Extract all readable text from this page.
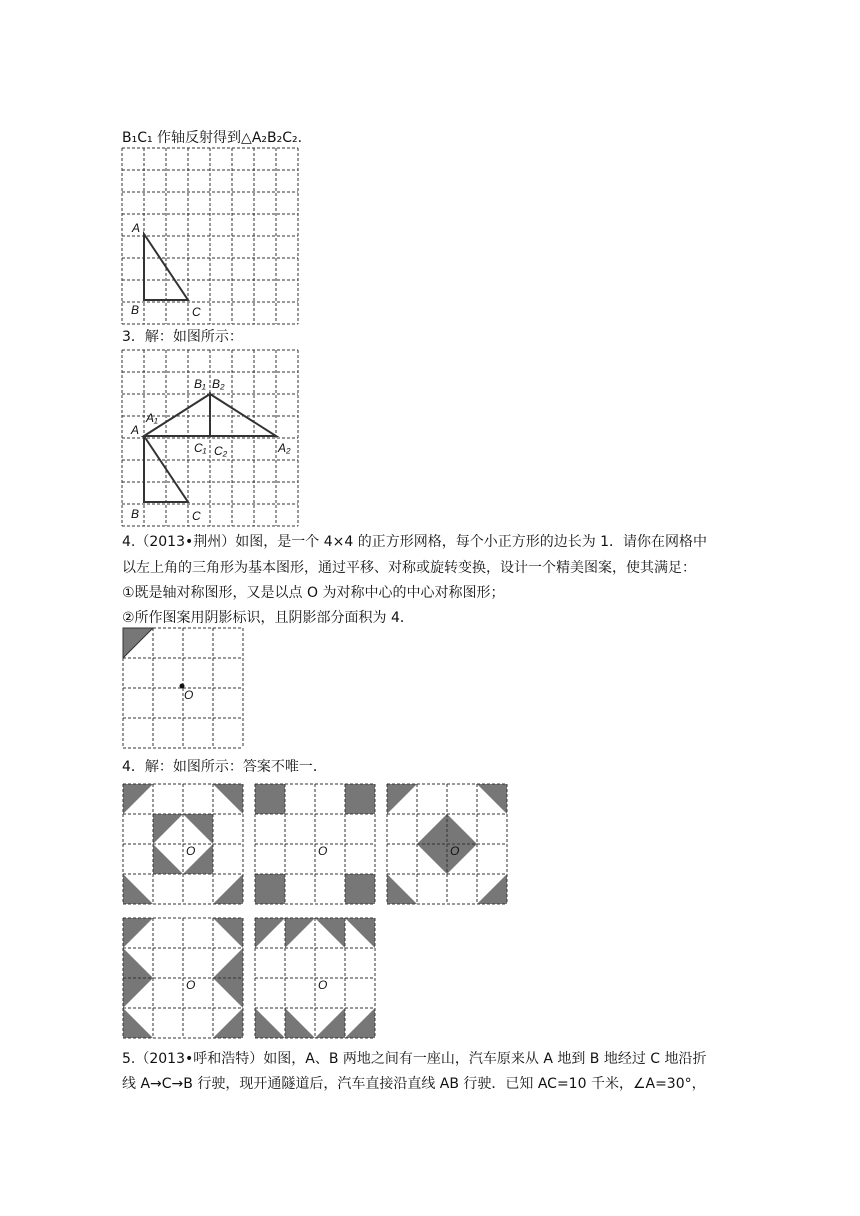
B₁C₁ 作轴反射得到△A₂B₂C₂.
A
B	C
3．解：如图所示：
A
A₁
B₁ B₂
C₁ C₂	A₂
B	C
4.（2013•荆州）如图，是一个 4×4 的正方形网格，每个小正方形的边长为 1．请你在网格中
以左上角的三角形为基本图形，通过平移、对称或旋转变换，设计一个精美图案，使其满足：
①既是轴对称图形，又是以点 O 为对称中心的中心对称图形；
②所作图案用阴影标识，且阴影部分面积为 4．
O
4．解：如图所示：答案不唯一．
O	O	O
O	O
5.（2013•呼和浩特）如图，A、B 两地之间有一座山，汽车原来从 A 地到 B 地经过 C 地沿折
线 A→C→B 行驶，现开通隧道后，汽车直接沿直线 AB 行驶．已知 AC=10 千米，∠A=30°，
